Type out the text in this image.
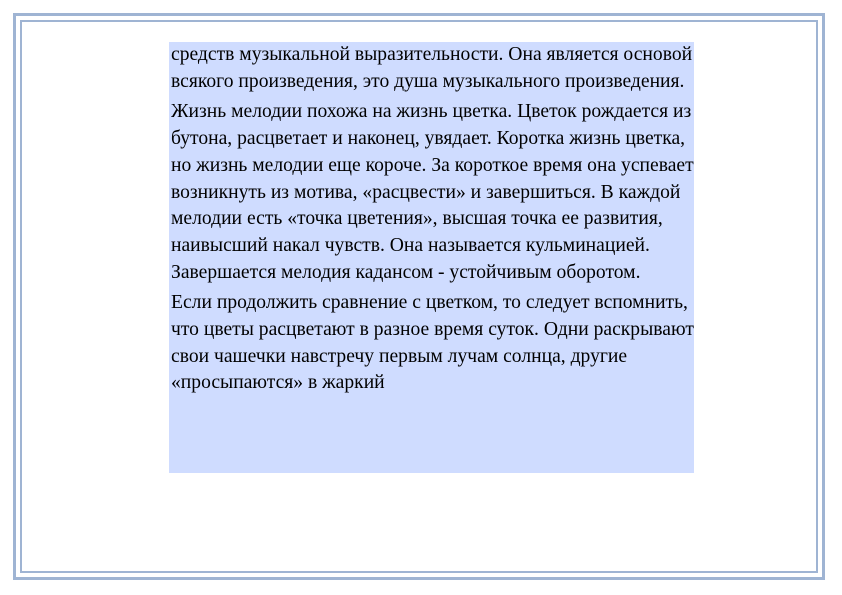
средств музыкальной выразительности. Она является основой всякого произведения, это душа музыкального произведения.

Жизнь мелодии похожа на жизнь цветка. Цветок рождается из бутона, расцветает и наконец, увядает. Коротка жизнь цветка, но жизнь мелодии еще короче. За короткое время она успевает возникнуть из мотива, «расцвести» и завершиться. В каждой мелодии есть «точка цветения», высшая точка ее развития, наивысший накал чувств. Она называется кульминацией. Завершается мелодия кадансом - устойчивым оборотом.

Если продолжить сравнение с цветком, то следует вспомнить, что цветы расцветают в разное время суток. Одни раскрывают свои чашечки навстречу первым лучам солнца, другие «просыпаются» в жаркий
